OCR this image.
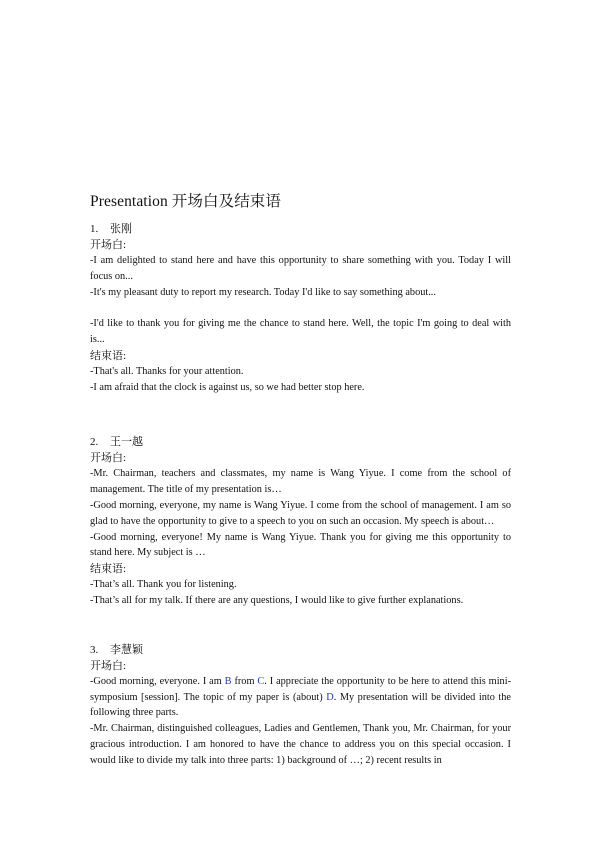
Presentation 开场白及结束语
1. 张刚
开场白:

-I am delighted to stand here and have this opportunity to share something with you. Today I will focus on...

-It's my pleasant duty to report my research. Today I'd like to say something about...

-I'd like to thank you for giving me the chance to stand here. Well, the topic I'm going to deal with is...

结束语:

-That's all. Thanks for your attention.

-I am afraid that the clock is against us, so we had better stop here.

2. 王一越
开场白:

-Mr. Chairman, teachers and classmates, my name is Wang Yiyue. I come from the school of management. The title of my presentation is…

-Good morning, everyone, my name is Wang Yiyue. I come from the school of management. I am so glad to have the opportunity to give to a speech to you on such an occasion. My speech is about…

-Good morning, everyone! My name is Wang Yiyue. Thank you for giving me this opportunity to stand here. My subject is …

结束语:

-That’s all. Thank you for listening.

-That’s all for my talk. If there are any questions, I would like to give further explanations.

3. 李慧颖
开场白:

-Good morning, everyone. I am B from C. I appreciate the opportunity to be here to attend this mini-symposium [session]. The topic of my paper is (about) D. My presentation will be divided into the following three parts.

-Mr. Chairman, distinguished colleagues, Ladies and Gentlemen, Thank you, Mr. Chairman, for your gracious introduction. I am honored to have the chance to address you on this special occasion. I would like to divide my talk into three parts: 1) background of …; 2) recent results in
